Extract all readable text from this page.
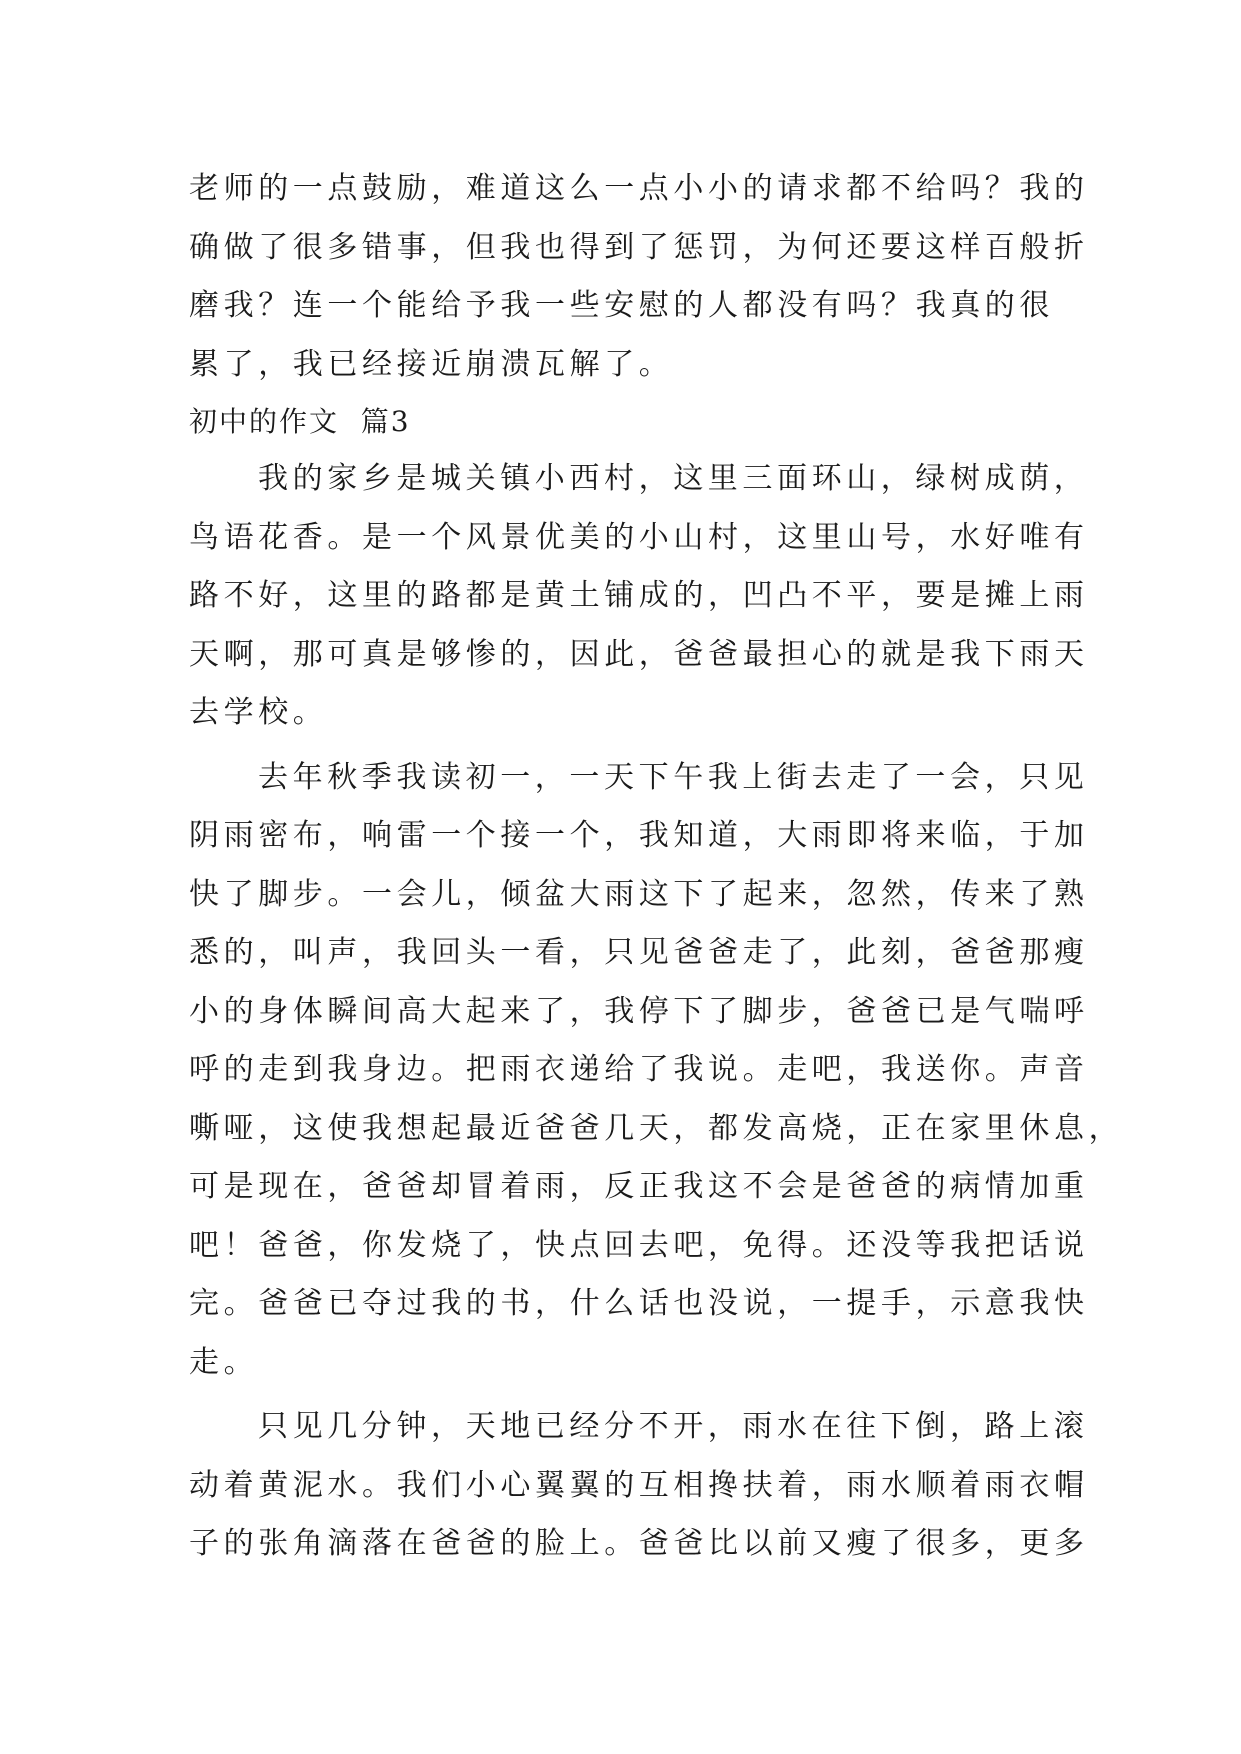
老师的一点鼓励，难道这么一点小小的请求都不给吗？我的
确做了很多错事，但我也得到了惩罚，为何还要这样百般折
磨我？连一个能给予我一些安慰的人都没有吗？我真的很
累了，我已经接近崩溃瓦解了。
初中的作文  篇3
我的家乡是城关镇小西村，这里三面环山，绿树成荫，
鸟语花香。是一个风景优美的小山村，这里山号，水好唯有
路不好，这里的路都是黄土铺成的，凹凸不平，要是摊上雨
天啊，那可真是够惨的，因此，爸爸最担心的就是我下雨天
去学校。
去年秋季我读初一，一天下午我上街去走了一会，只见
阴雨密布，响雷一个接一个，我知道，大雨即将来临，于加
快了脚步。一会儿，倾盆大雨这下了起来，忽然，传来了熟
悉的，叫声，我回头一看，只见爸爸走了，此刻，爸爸那瘦
小的身体瞬间高大起来了，我停下了脚步，爸爸已是气喘呼
呼的走到我身边。把雨衣递给了我说。走吧，我送你。声音
嘶哑，这使我想起最近爸爸几天，都发高烧，正在家里休息，
可是现在，爸爸却冒着雨，反正我这不会是爸爸的病情加重
吧！爸爸，你发烧了，快点回去吧，免得。还没等我把话说
完。爸爸已夺过我的书，什么话也没说，一提手，示意我快
走。
只见几分钟，天地已经分不开，雨水在往下倒，路上滚
动着黄泥水。我们小心翼翼的互相搀扶着，雨水顺着雨衣帽
子的张角滴落在爸爸的脸上。爸爸比以前又瘦了很多，更多
